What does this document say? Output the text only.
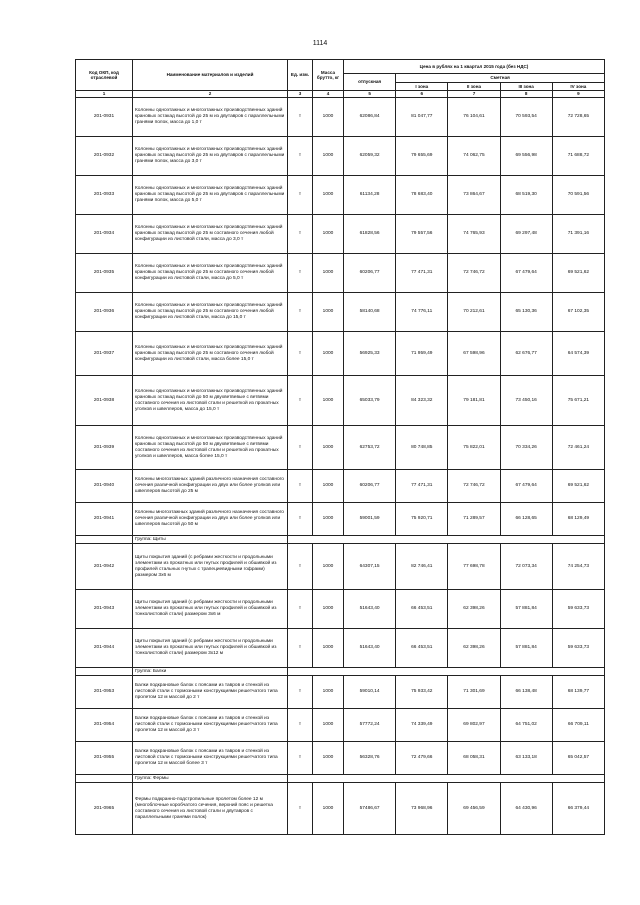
1114
Код ОКП, код отраслевой	Наименование материалов и изделий	Ед. изм.	Масса брутто, кг	Цена в рублях на 1 квартал 2015 года (без НДС)				
				отпускная	Сметная			
					I зона	II зона	III зона	IV зона
1	2	3	4	5	6	7	8	9
201-0931	Колонны одноэтажных и многоэтажных производственных зданий крановых эстакад высотой до 25 м из двутавров с параллельными гранями полок, масса до 1,0 т	т	1000	62086,84	81 047,77	76 104,61	70 593,54	72 728,65
201-0932	Колонны одноэтажных и многоэтажных производственных зданий крановых эстакад высотой до 25 м из двутавров с параллельными гранями полок, масса до 3,0 т	т	1000	62059,32	79 655,69	74 062,75	69 556,98	71 688,72
201-0933	Колонны одноэтажных и многоэтажных производственных зданий крановых эстакад высотой до 25 м из двутавров с параллельными гранями полок, масса до 5,0 т	т	1000	61134,28	78 683,40	73 864,67	68 519,30	70 591,56
201-0934	Колонны одноэтажных и многоэтажных производственных зданий крановых эстакад высотой до 25 м составного сечения любой конфигурации из листовой стали, масса до 3,0 т	т	1000	61828,56	79 557,56	74 765,93	69 297,48	71 391,16
201-0935	Колонны одноэтажных и многоэтажных производственных зданий крановых эстакад высотой до 25 м составного сечения любой конфигурации из листовой стали, масса до 5,0 т	т	1000	60206,77	77 471,31	72 746,72	67 479,64	69 521,62
201-0936	Колонны одноэтажных и многоэтажных производственных зданий крановых эстакад высотой до 25 м составного сечения любой конфигурации из листовой стали, масса до 15,0 т	т	1000	58140,68	74 776,11	70 212,61	65 130,36	67 102,35
201-0937	Колонны одноэтажных и многоэтажных производственных зданий крановых эстакад высотой до 25 м составного сечения любой конфигурации из листовой стали, масса более 15,0 т	т	1000	56925,33	71 959,49	67 598,96	62 676,77	64 574,39
201-0938	Колонны одноэтажных и многоэтажных производственных зданий крановых эстакад высотой до 50 м двухветвевые с ветвями составного сечения из листовой стали и решеткой из прокатных уголков и швеллеров, масса до 15,0 т	т	1000	65033,79	84 323,32	79 181,81	73 450,16	75 671,21
201-0939	Колонны одноэтажных и многоэтажных производственных зданий крановых эстакад высотой до 50 м двухветвевые с ветвями составного сечения из листовой стали и решеткой из прокатных уголков и швеллеров, масса более 15,0 т	т	1000	62753,72	80 748,85	75 822,01	70 334,26	72 461,24
201-0940	Колонны многоэтажных зданий различного назначения составного сечения различной конфигурации из двух или более уголков или швеллеров высотой до 25 м	т	1000	60206,77	77 471,31	72 746,72	67 479,64	69 521,62
201-0941	Колонны многоэтажных зданий различного назначения составного сечения различной конфигурации из двух или более уголков или швеллеров высотой до 50 м	т	1000	59001,59	75 920,71	71 289,57	66 128,65	68 129,49
	Группа: Щиты							
201-0942	Щиты покрытия зданий (с ребрами жесткости и продольными элементами из прокатных или гнутых профилей и обшивкой из профилей стальных гнутых с трапециевидными гофрами) размером 3х6 м	т	1000	64307,15	82 746,41	77 698,78	72 073,34	74 254,73
201-0943	Щиты покрытия зданий (с ребрами жесткости и продольными элементами из прокатных или гнутых профилей и обшивкой из тонколистовой стали) размером 3х6 м	т	1000	51643,40	66 453,51	62 398,26	57 881,84	59 633,73
201-0944	Щиты покрытия зданий (с ребрами жесткости и продольными элементами из прокатных или гнутых профилей и обшивкой из тонколистовой стали) размером 3х12 м	т	1000	51643,40	66 453,51	62 398,26	57 881,84	59 633,73
	Группа: Балки							
201-0953	Балки подкрановые балок с поясами из тавров и стенкой из листовой стали с тормозными конструкциями решетчатого типа пролетом 12 м массой до 2 т	т	1000	59010,14	75 933,42	71 301,69	66 138,48	68 139,77
201-0954	Балки подкрановые балок с поясами из тавров и стенкой из листовой стали с тормозными конструкциями решетчатого типа пролетом 12 м массой до 3 т	т	1000	57772,24	74 339,49	69 802,97	64 751,02	66 709,11
201-0955	Балки подкрановые балок с поясами из тавров и стенкой из листовой стали с тормозными конструкциями решетчатого типа пролетом 12 м массой более 3 т	т	1000	56328,76	72 479,66	68 058,31	63 133,18	65 042,57
	Группа: Фермы							
201-0965	Фермы подкранно-подстропильные пролетом более 12 м (многоблочные коробчатого сечения, верхний пояс и решетка составного сечения из листовой стали и двутавров с параллельными гранями полок)	т	1000	57486,67	73 968,96	69 456,59	64 430,96	66 379,44
